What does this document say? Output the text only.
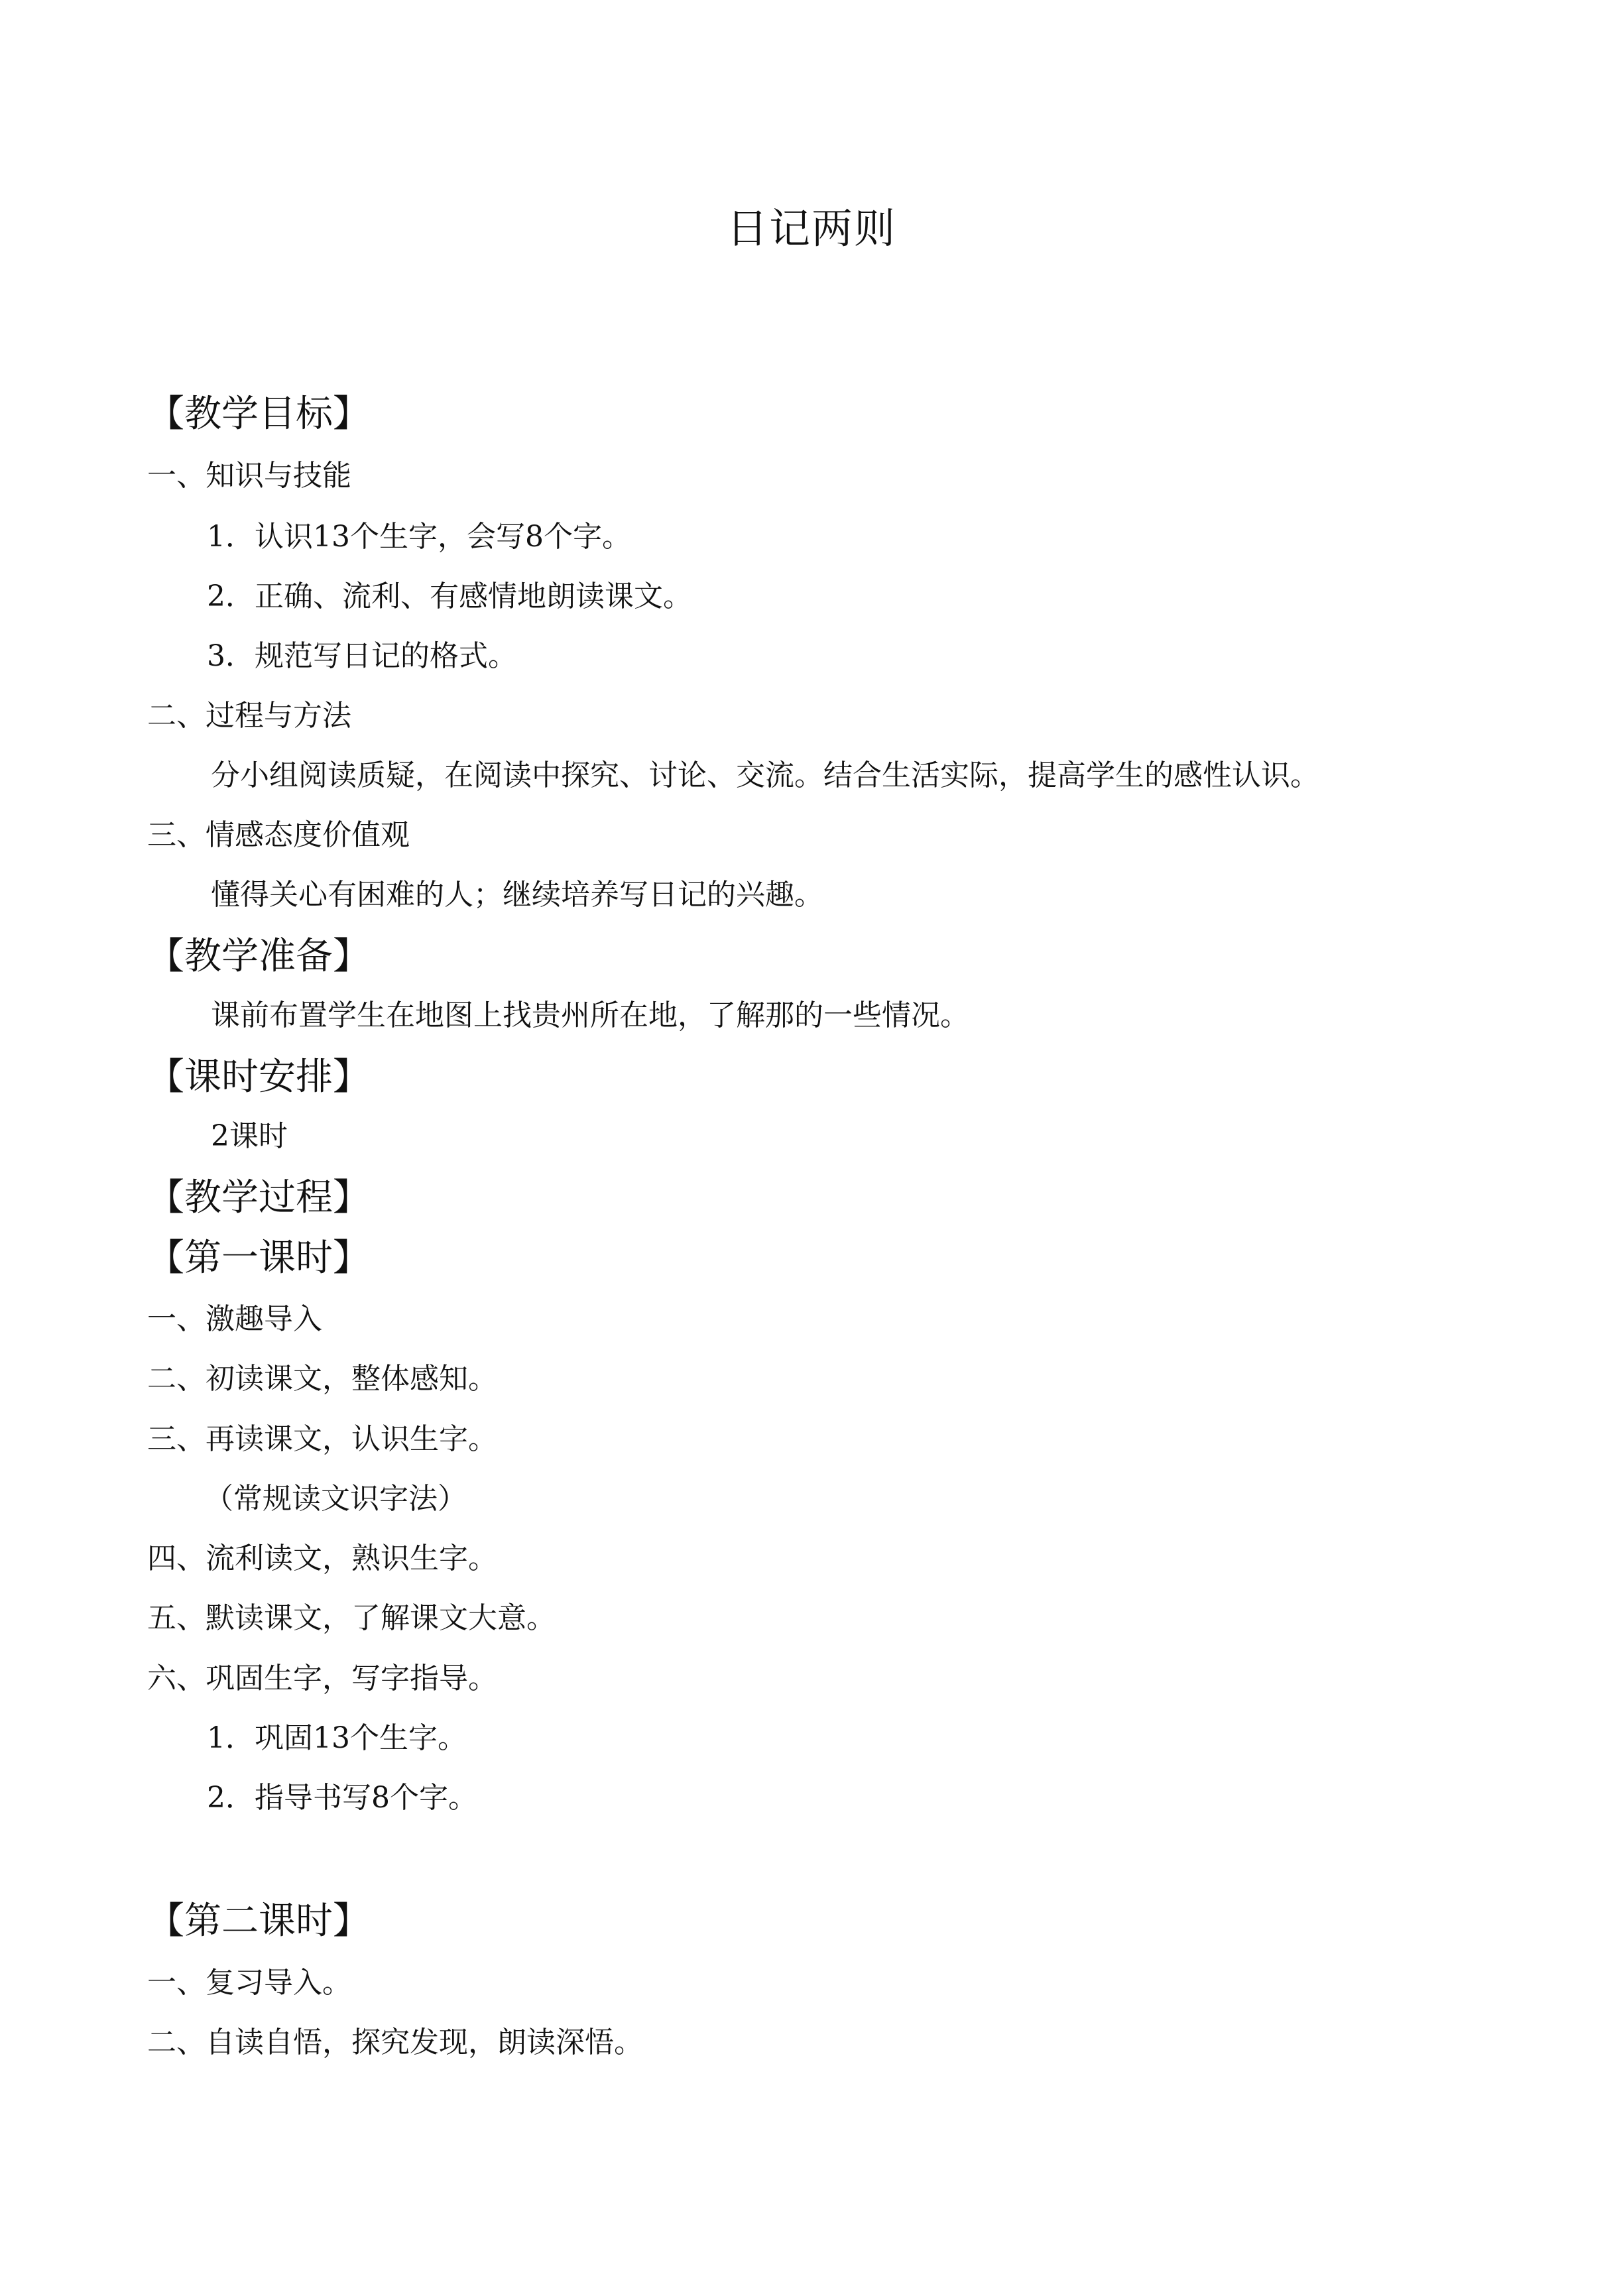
日记两则
【教学目标】
一、知识与技能
1．认识13个生字，会写8个字。
2．正确、流利、有感情地朗读课文。
3．规范写日记的格式。
二、过程与方法
分小组阅读质疑，在阅读中探究、讨论、交流。结合生活实际，提高学生的感性认识。
三、情感态度价值观
懂得关心有困难的人；继续培养写日记的兴趣。
【教学准备】
课前布置学生在地图上找贵州所在地，了解那的一些情况。
【课时安排】
2课时
【教学过程】
【第一课时】
一、激趣导入
二、初读课文，整体感知。
三、再读课文，认识生字。
（常规读文识字法）
四、流利读文，熟识生字。
五、默读课文，了解课文大意。
六、巩固生字，写字指导。
1．巩固13个生字。
2．指导书写8个字。
【第二课时】
一、复习导入。
二、自读自悟，探究发现，朗读深悟。
